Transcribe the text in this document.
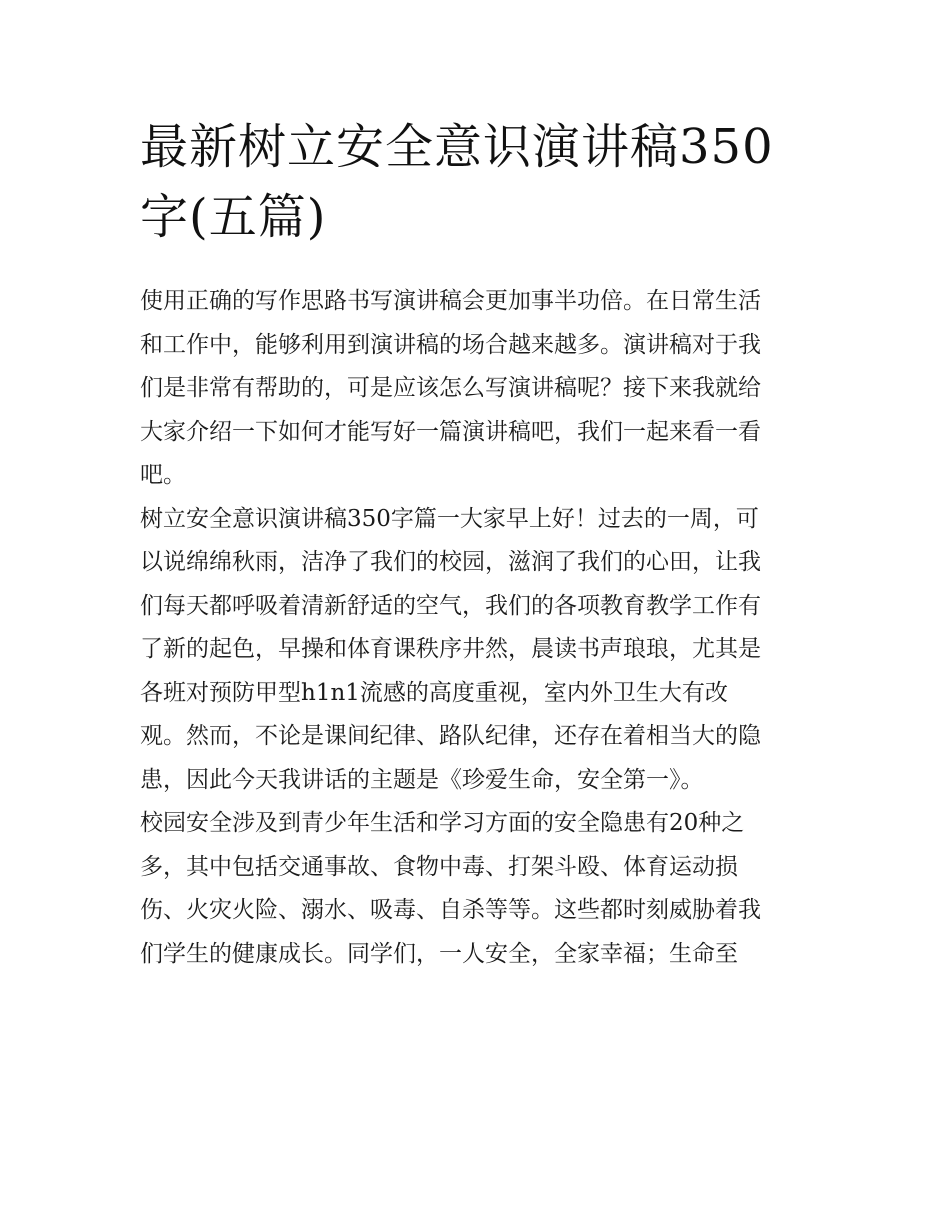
最新树立安全意识演讲稿350
字(五篇)

使用正确的写作思路书写演讲稿会更加事半功倍。在日常生活
和工作中，能够利用到演讲稿的场合越来越多。演讲稿对于我
们是非常有帮助的，可是应该怎么写演讲稿呢？接下来我就给
大家介绍一下如何才能写好一篇演讲稿吧，我们一起来看一看
吧。

树立安全意识演讲稿350字篇一大家早上好！过去的一周，可
以说绵绵秋雨，洁净了我们的校园，滋润了我们的心田，让我
们每天都呼吸着清新舒适的空气，我们的各项教育教学工作有
了新的起色，早操和体育课秩序井然，晨读书声琅琅，尤其是
各班对预防甲型h1n1流感的高度重视，室内外卫生大有改
观。然而，不论是课间纪律、路队纪律，还存在着相当大的隐
患，因此今天我讲话的主题是《珍爱生命，安全第一》。

校园安全涉及到青少年生活和学习方面的安全隐患有20种之
多，其中包括交通事故、食物中毒、打架斗殴、体育运动损
伤、火灾火险、溺水、吸毒、自杀等等。这些都时刻威胁着我
们学生的健康成长。同学们，一人安全，全家幸福；生命至
